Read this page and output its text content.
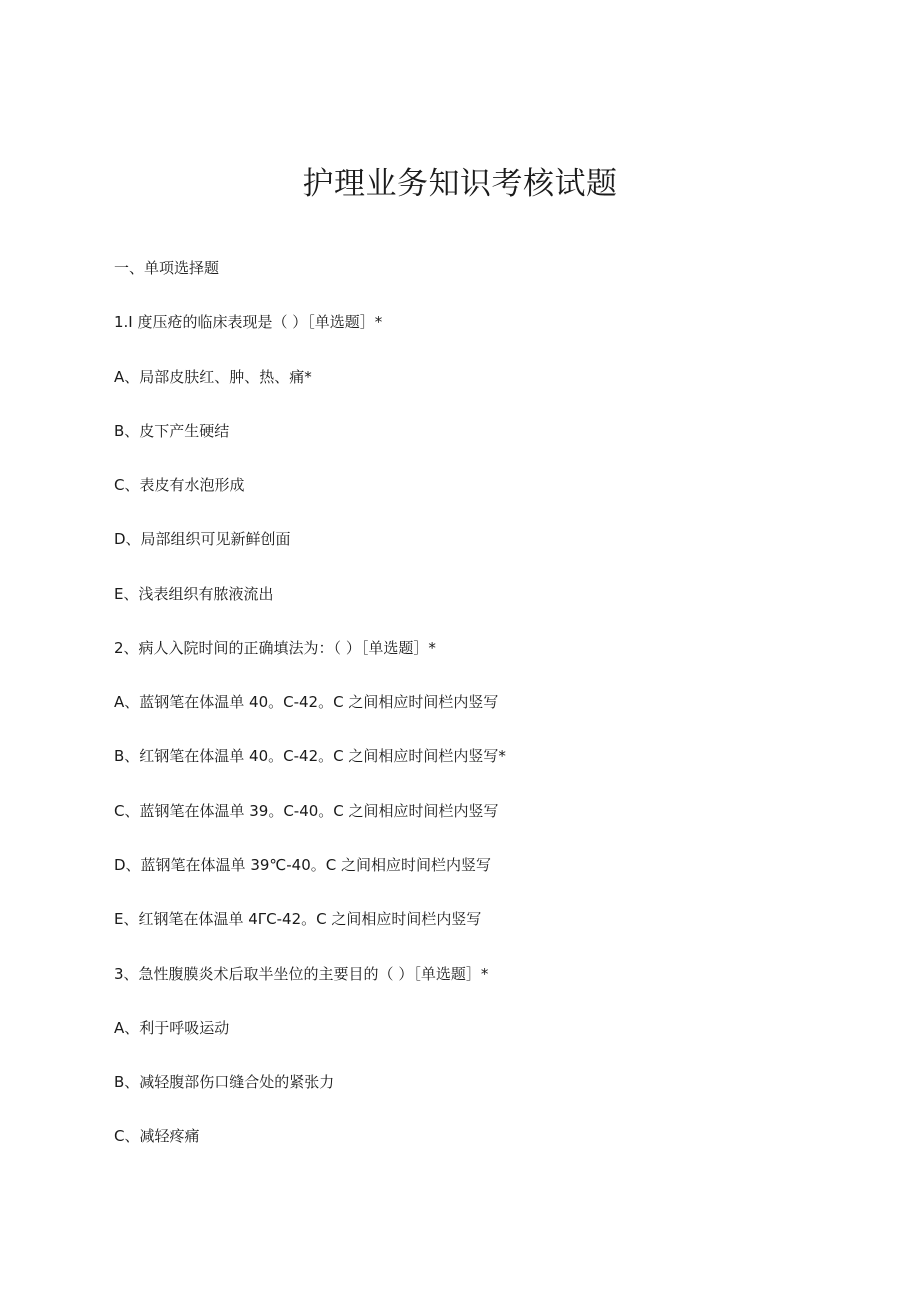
护理业务知识考核试题

一、单项选择题

1.I 度压疮的临床表现是（ ）［单选题］*

A、局部皮肤红、肿、热、痛*

B、皮下产生硬结

C、表皮有水泡形成

D、局部组织可见新鲜创面

E、浅表组织有脓液流出

2、病人入院时间的正确填法为：（ ）［单选题］*

A、蓝钢笔在体温单 40。C-42。C 之间相应时间栏内竖写

B、红钢笔在体温单 40。C-42。C 之间相应时间栏内竖写*

C、蓝钢笔在体温单 39。C-40。C 之间相应时间栏内竖写

D、蓝钢笔在体温单 39℃-40。C 之间相应时间栏内竖写

E、红钢笔在体温单 4ΓC-42。C 之间相应时间栏内竖写

3、急性腹膜炎术后取半坐位的主要目的（ ）［单选题］*

A、利于呼吸运动

B、减轻腹部伤口缝合处的紧张力

C、减轻疼痛
